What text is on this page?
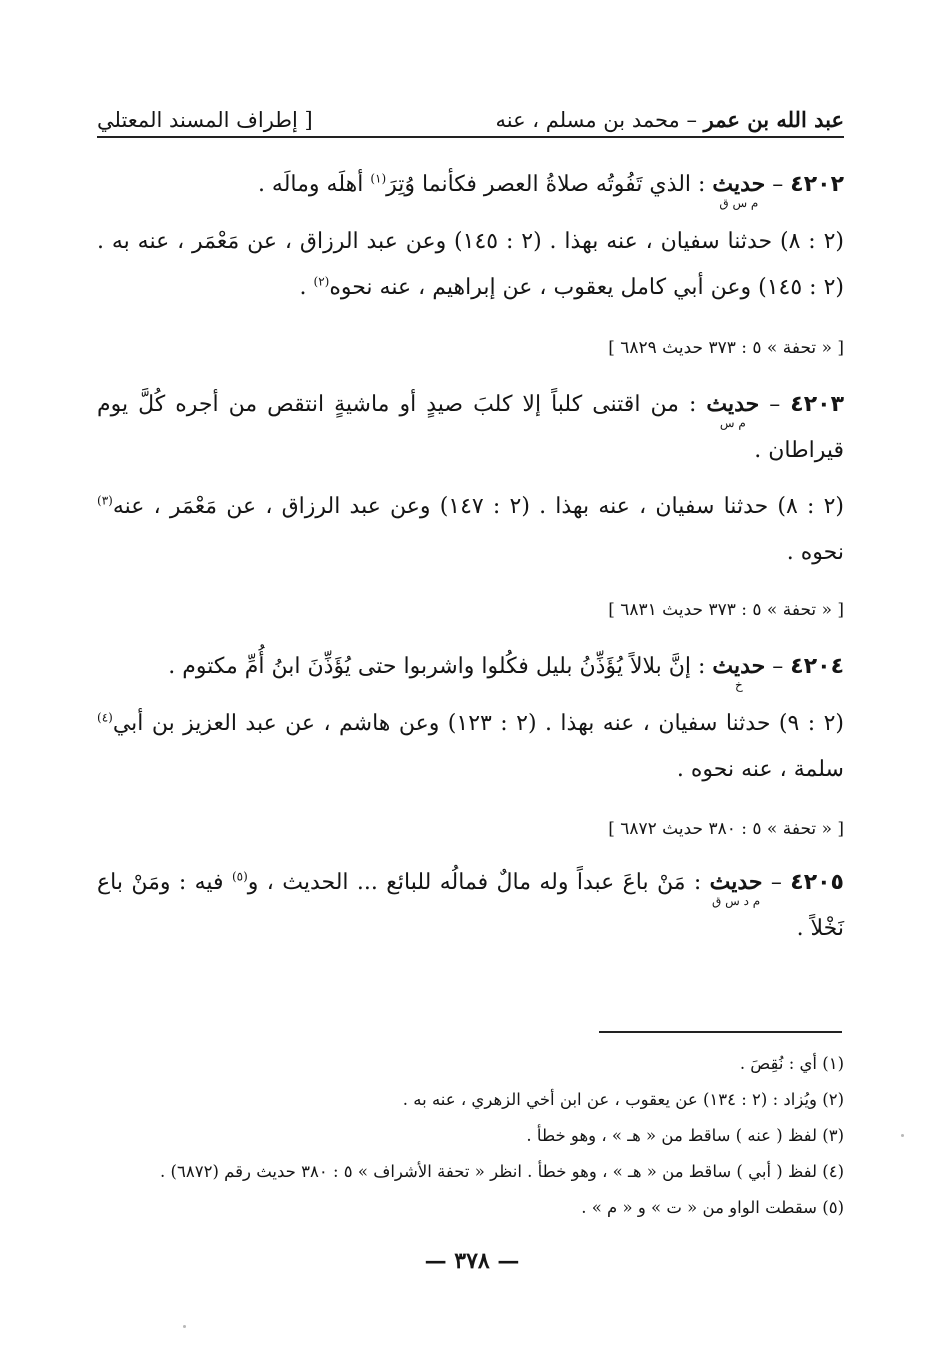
عبد الله بن عمر – محمد بن مسلم ، عنه
[ إطراف المسند المعتلي
٤٢٠٢ – حديث
م س ق
: الذي تَفُوتُه صلاةُ العصر فكأنما وُتِرَ$^{(١)}$ أهلَه ومالَه .
(٢ : ٨) حدثنا سفيان ، عنه بهذا . (٢ : ١٤٥) وعن عبد الرزاق ، عن مَعْمَر ، عنه به . (٢ : ١٤٥) وعن أبي كامل يعقوب ، عن إبراهيم ، عنه نحوه$^{(٢)}$ .
[ « تحفة » ٥ : ٣٧٣ حديث ٦٨٢٩ ]
٤٢٠٣ – حديث
م س
: من اقتنى كلباً إلا كلبَ صيدٍ أو ماشيةٍ انتقص من أجره كُلَّ يوم قيراطان .
(٢ : ٨) حدثنا سفيان ، عنه بهذا . (٢ : ١٤٧) وعن عبد الرزاق ، عن مَعْمَر ، عنه$^{(٣)}$ نحوه .
[ « تحفة » ٥ : ٣٧٣ حديث ٦٨٣١ ]
٤٢٠٤ – حديث
خ
: إنَّ بلالاً يُؤَذِّنُ بليل فكُلوا واشربوا حتى يُؤَذِّنَ ابنُ أُمِّ مكتوم .
(٢ : ٩) حدثنا سفيان ، عنه بهذا . (٢ : ١٢٣) وعن هاشم ، عن عبد العزيز بن أبي$^{(٤)}$ سلمة ، عنه نحوه .
[ « تحفة » ٥ : ٣٨٠ حديث ٦٨٧٢ ]
٤٢٠٥ – حديث
م د س ق
: مَنْ باعَ عبداً وله مالٌ فمالُه للبائع ... الحديث ، و$^{(٥)}$ فيه : ومَنْ باع نَخْلاً .
(١) أي : نُقِصَ .
(٢) ويُزاد : (٢ : ١٣٤) عن يعقوب ، عن ابن أخي الزهري ، عنه به .
(٣) لفظ ( عنه ) ساقط من « هـ » ، وهو خطأ .
(٤) لفظ ( أبي ) ساقط من « هـ » ، وهو خطأ . انظر « تحفة الأشراف » ٥ : ٣٨٠ حديث رقم (٦٨٧٢) .
(٥) سقطت الواو من « ت » و « م » .
— ٣٧٨ —
